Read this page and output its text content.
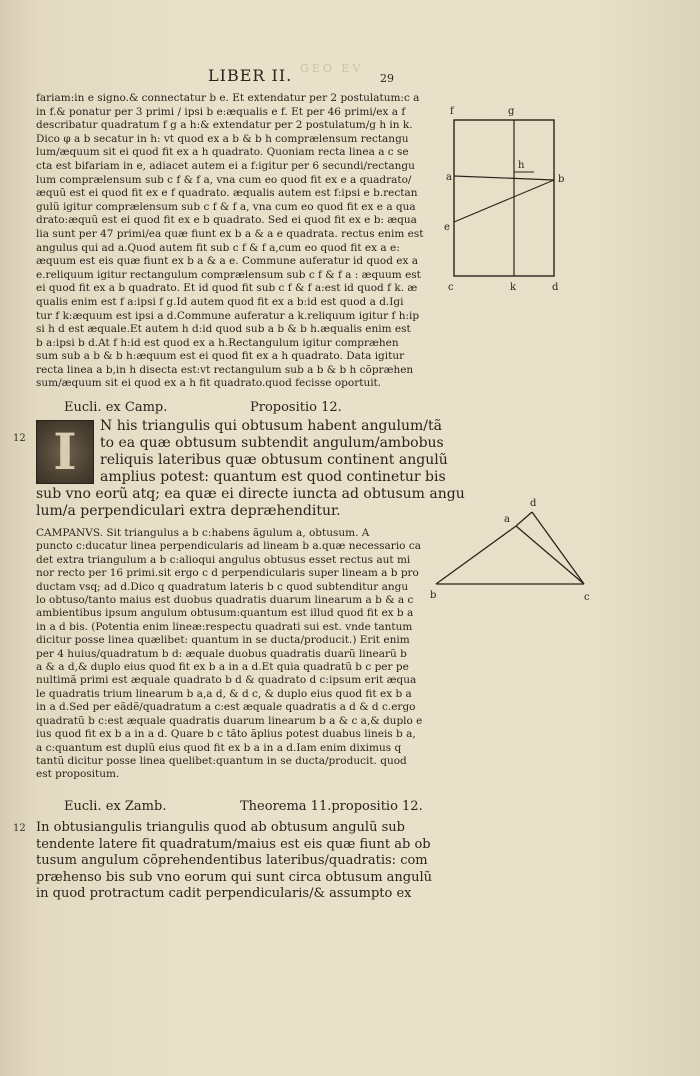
LIBER II.	29
GEO EV
fariam:in e signo.& connectatur b e. Et extendatur per 2 postulatum:c a
in f.& ponatur per 3 primi / ipsi b e:æqualis e f. Et per 46 primi/ex a f
describatur quadratum f g a h:& extendatur per 2 postulatum/g h in k.
Dico φ a b secatur in h: vt quod ex a b & b h comprælensum rectangu
lum/æquum sit ei quod fit ex a h quadrato. Quoniam recta linea a c se
cta est bifariam in e, adiacet autem ei a f:igitur per 6 secundi/rectangu
lum comprælensum sub c f & f a, vna cum eo quod fit ex e a quadrato/
æquũ est ei quod fit ex e f quadrato. æqualis autem est f:ipsi e b.rectan
gulũ igitur comprælensum sub c f & f a, vna cum eo quod fit ex e a qua
drato:æquũ est ei quod fit ex e b quadrato. Sed ei quod fit ex e b: æqua
lia sunt per 47 primi/ea quæ fiunt ex b a & a e quadrata. rectus enim est
angulus qui ad a.Quod autem fit sub c f & f a,cum eo quod fit ex a e:
æquum est eis quæ fiunt ex b a & a e. Commune auferatur id quod ex a
e.reliquum igitur rectangulum comprælensum sub c f & f a : æquum est
ei quod fit ex a b quadrato. Et id quod fit sub c f & f a:est id quod f k. æ
qualis enim est f a:ipsi f g.Id autem quod fit ex a b:id est quod a d.Igi
tur f k:æquum est ipsi a d.Commune auferatur a k.reliquum igitur f h:ip
si h d est æquale.Et autem h d:id quod sub a b & b h.æqualis enim est
b a:ipsi b d.At f h:id est quod ex a h.Rectangulum igitur compræhen
sum sub a b & b h:æquum est ei quod fit ex a h quadrato. Data igitur
recta linea a b,in h disecta est:vt rectangulum sub a b & b h cõpræhen
sum/æquum sit ei quod ex a h fit quadrato.quod fecisse oportuit.
Eucli. ex Camp.	Propositio 12.
12 I	N his triangulis qui obtusum habent angulum/tã
to ea quæ obtusum subtendit angulum/ambobus
reliquis lateribus quæ obtusum continent angulũ
amplius potest: quantum est quod continetur bis
sub vno eorũ atq; ea quæ ei directe iuncta ad obtusum angu
lum/a perpendiculari extra depræhenditur.
CAMPANVS. Sit triangulus a b c:habens ãgulum a, obtusum. A
puncto c:ducatur linea perpendicularis ad lineam b a.quæ necessario ca
det extra triangulum a b c:alioqui angulus obtusus esset rectus aut mi
nor recto per 16 primi.sit ergo c d perpendicularis super lineam a b pro
ductam vsq; ad d.Dico q quadratum lateris b c quod subtenditur angu
lo obtuso/tanto maius est duobus quadratis duarum linearum a b & a c
ambientibus ipsum angulum obtusum:quantum est illud quod fit ex b a
in a d bis. (Potentia enim lineæ:respectu quadrati sui est. vnde tantum
dicitur posse linea quælibet: quantum in se ducta/producit.) Erit enim
per 4 huius/quadratum b d: æquale duobus quadratis duarũ linearũ b
a & a d,& duplo eius quod fit ex b a in a d.Et quia quadratũ b c per pe
nultimã primi est æquale quadrato b d & quadrato d c:ipsum erit æqua
le quadratis trium linearum b a,a d, & d c, & duplo eius quod fit ex b a
in a d.Sed per eãdẽ/quadratum a c:est æquale quadratis a d & d c.ergo
quadratũ b c:est æquale quadratis duarum linearum b a & c a,& duplo e
ius quod fit ex b a in a d. Quare b c tãto ãplius potest duabus lineis b a,
a c:quantum est duplũ eius quod fit ex b a in a d.Iam enim diximus q
tantũ dicitur posse linea quelibet:quantum in se ducta/producit. quod
est propositum.
Eucli. ex Zamb.	Theorema 11.propositio 12.
12 In obtusiangulis triangulis quod ab obtusum angulũ sub
tendente latere fit quadratum/maius est eis quæ fiunt ab ob
tusum angulum cõprehendentibus lateribus/quadratis: com
præhenso bis sub vno eorum qui sunt circa obtusum angulũ
in quod protractum cadit perpendicularis/& assumpto ex
f	g
h
a	b
e
c	k	d
d
a
b	c
